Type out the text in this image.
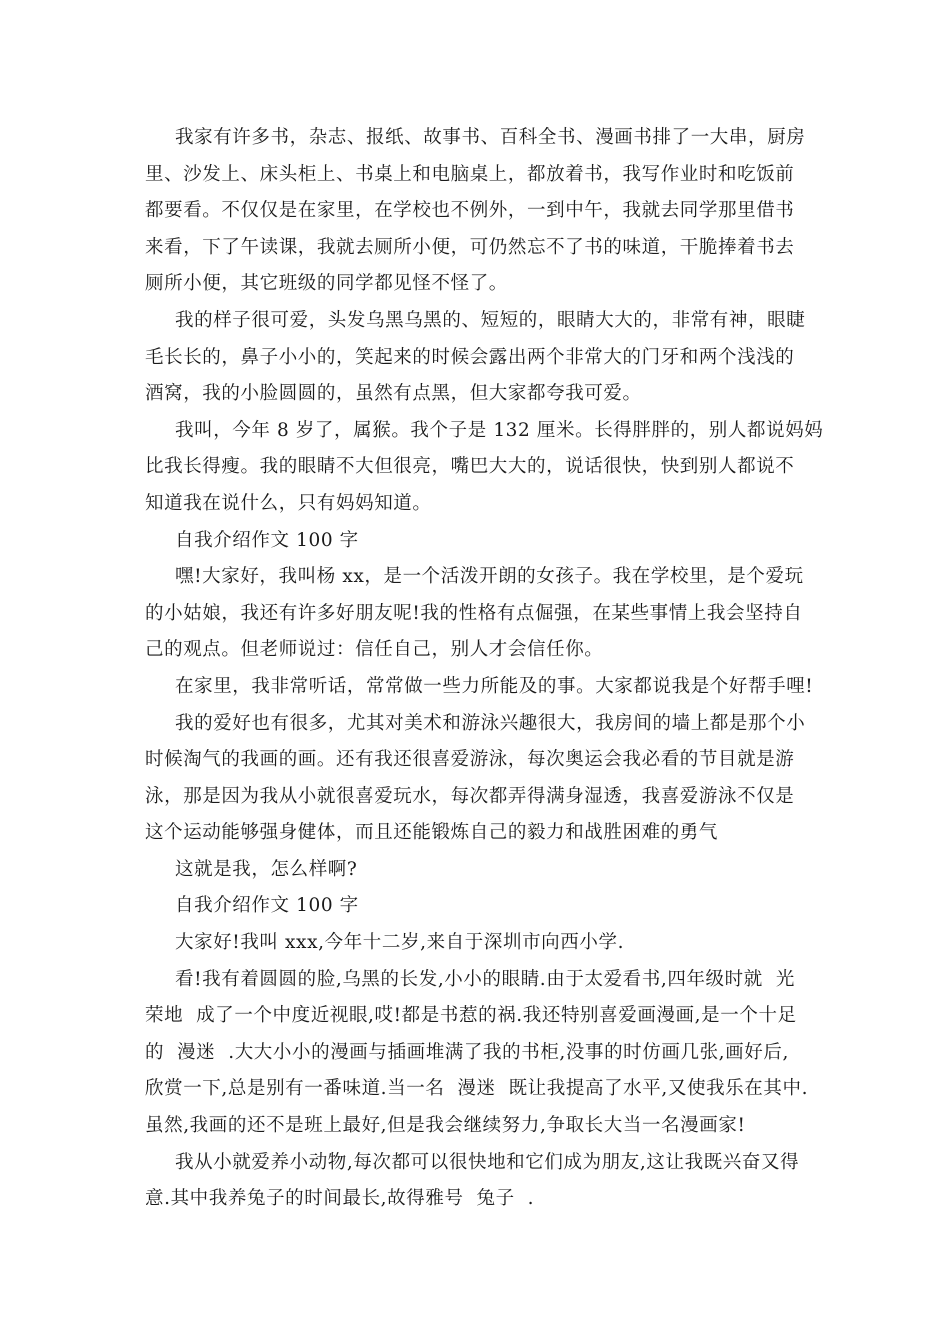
我家有许多书，杂志、报纸、故事书、百科全书、漫画书排了一大串，厨房
里、沙发上、床头柜上、书桌上和电脑桌上，都放着书，我写作业时和吃饭前
都要看。不仅仅是在家里，在学校也不例外，一到中午，我就去同学那里借书
来看，下了午读课，我就去厕所小便，可仍然忘不了书的味道，干脆捧着书去
厕所小便，其它班级的同学都见怪不怪了。
我的样子很可爱，头发乌黑乌黑的、短短的，眼睛大大的，非常有神，眼睫
毛长长的，鼻子小小的，笑起来的时候会露出两个非常大的门牙和两个浅浅的
酒窝，我的小脸圆圆的，虽然有点黑，但大家都夸我可爱。
我叫，今年 8 岁了，属猴。我个子是 132 厘米。长得胖胖的，别人都说妈妈
比我长得瘦。我的眼睛不大但很亮，嘴巴大大的，说话很快，快到别人都说不
知道我在说什么，只有妈妈知道。
自我介绍作文 100 字
嘿!大家好，我叫杨 xx，是一个活泼开朗的女孩子。我在学校里，是个爱玩
的小姑娘，我还有许多好朋友呢!我的性格有点倔强，在某些事情上我会坚持自
己的观点。但老师说过：信任自己，别人才会信任你。
在家里，我非常听话，常常做一些力所能及的事。大家都说我是个好帮手哩!
我的爱好也有很多，尤其对美术和游泳兴趣很大，我房间的墙上都是那个小
时候淘气的我画的画。还有我还很喜爱游泳，每次奥运会我必看的节目就是游
泳，那是因为我从小就很喜爱玩水，每次都弄得满身湿透，我喜爱游泳不仅是
这个运动能够强身健体，而且还能锻炼自己的毅力和战胜困难的勇气
这就是我，怎么样啊?
自我介绍作文 100 字
大家好!我叫 xxx,今年十二岁,来自于深圳市向西小学.
看!我有着圆圆的脸,乌黑的长发,小小的眼睛.由于太爱看书,四年级时就  光
荣地  成了一个中度近视眼,哎!都是书惹的祸.我还特别喜爱画漫画,是一个十足
的  漫迷  .大大小小的漫画与插画堆满了我的书柜,没事的时仿画几张,画好后,
欣赏一下,总是别有一番味道.当一名  漫迷  既让我提高了水平,又使我乐在其中.
虽然,我画的还不是班上最好,但是我会继续努力,争取长大当一名漫画家!
我从小就爱养小动物,每次都可以很快地和它们成为朋友,这让我既兴奋又得
意.其中我养兔子的时间最长,故得雅号  兔子  .
